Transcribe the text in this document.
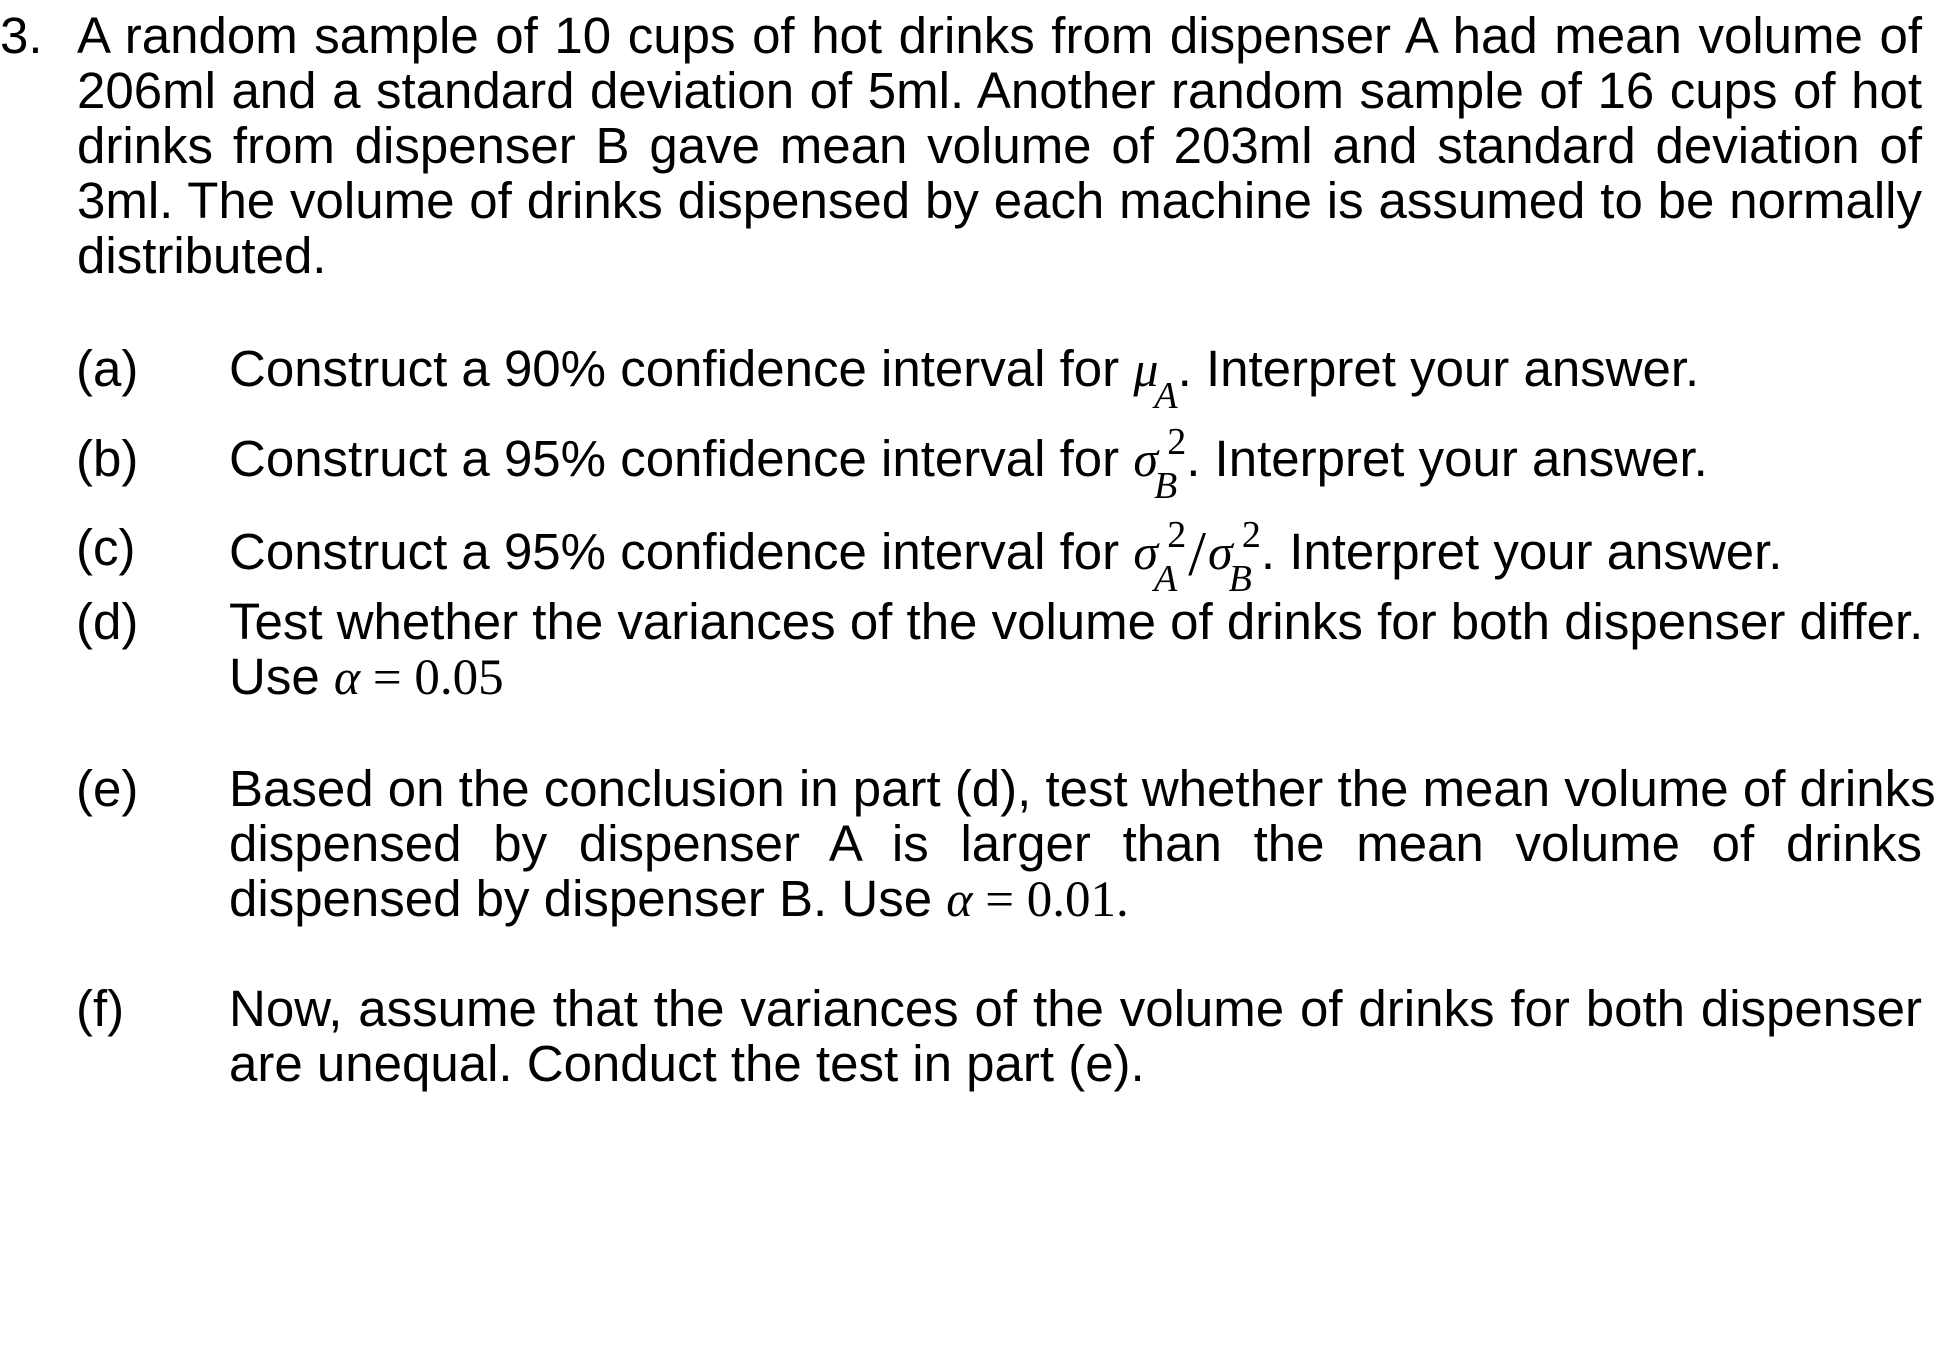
3. A random sample of 10 cups of hot drinks from dispenser A had mean volume of
206ml and a standard deviation of 5ml. Another random sample of 16 cups of hot
drinks from dispenser B gave mean volume of 203ml and standard deviation of
3ml. The volume of drinks dispensed by each machine is assumed to be normally
distributed.
(a) Construct a 90% confidence interval for $\mu_A$. Interpret your answer.
(b) Construct a 95% confidence interval for $\sigma_B^2$. Interpret your answer.
(c) Construct a 95% confidence interval for $\sigma_A^2/\sigma_B^2$. Interpret your answer.
(d) Test whether the variances of the volume of drinks for both dispenser differ.
Use α = 0.05
(e) Based on the conclusion in part (d), test whether the mean volume of drinks
dispensed by dispenser A is larger than the mean volume of drinks
dispensed by dispenser B. Use α = 0.01.
(f) Now, assume that the variances of the volume of drinks for both dispenser
are unequal. Conduct the test in part (e).
